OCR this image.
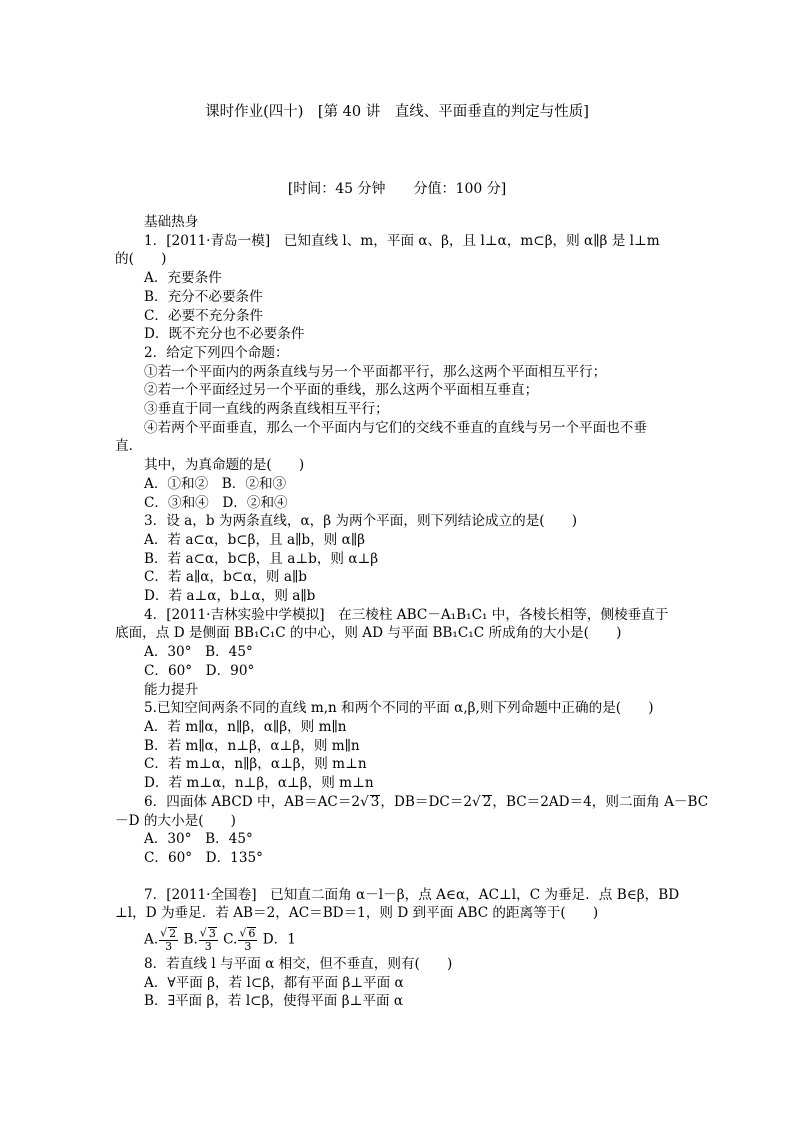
课时作业(四十)　[第 40 讲　直线、平面垂直的判定与性质]
[时间：45 分钟　　分值：100 分]
基础热身
1．[2011·青岛一模]　已知直线 l、m，平面 α、β，且 l⊥α，m⊂β，则 α∥β 是 l⊥m
的(　　)
A．充要条件
B．充分不必要条件
C．必要不充分条件
D．既不充分也不必要条件
2．给定下列四个命题：
①若一个平面内的两条直线与另一个平面都平行，那么这两个平面相互平行；
②若一个平面经过另一个平面的垂线，那么这两个平面相互垂直；
③垂直于同一直线的两条直线相互平行；
④若两个平面垂直，那么一个平面内与它们的交线不垂直的直线与另一个平面也不垂
直．
其中，为真命题的是(　　)
A．①和②　B．②和③
C．③和④　D．②和④
3．设 a，b 为两条直线，α，β 为两个平面，则下列结论成立的是(　　)
A．若 a⊂α，b⊂β，且 a∥b，则 α∥β
B．若 a⊂α，b⊂β，且 a⊥b，则 α⊥β
C．若 a∥α，b⊂α，则 a∥b
D．若 a⊥α，b⊥α，则 a∥b
4．[2011·吉林实验中学模拟]　在三棱柱 ABC－A₁B₁C₁ 中，各棱长相等，侧棱垂直于
底面，点 D 是侧面 BB₁C₁C 的中心，则 AD 与平面 BB₁C₁C 所成角的大小是(　　)
A．30°　B．45°
C．60°　D．90°
能力提升
5.已知空间两条不同的直线 m,n 和两个不同的平面 α,β,则下列命题中正确的是(　　)
A．若 m∥α，n∥β，α∥β，则 m∥n
B．若 m∥α，n⊥β，α⊥β，则 m∥n
C．若 m⊥α，n∥β，α⊥β，则 m⊥n
D．若 m⊥α，n⊥β，α⊥β，则 m⊥n
6．四面体 ABCD 中，AB＝AC＝2√ 3，DB＝DC＝2√ 2，BC＝2AD＝4，则二面角 A－BC
－D 的大小是(　　)
A．30°　B．45°
C．60°　D．135°
7．[2011·全国卷]　已知直二面角 α－l－β，点 A∈α，AC⊥l，C 为垂足．点 B∈β，BD
⊥l，D 为垂足．若 AB＝2，AC＝BD＝1，则 D 到平面 ABC 的距离等于(　　)
A. $\frac{√ 2}{3} B$. $\frac{√ 3}{3} C$. $\frac{√ 6}{3}$ D．1
8．若直线 l 与平面 α 相交，但不垂直，则有(　　)
A．∀平面 β，若 l⊂β，都有平面 β⊥平面 α
B．∃平面 β，若 l⊂β，使得平面 β⊥平面 α
